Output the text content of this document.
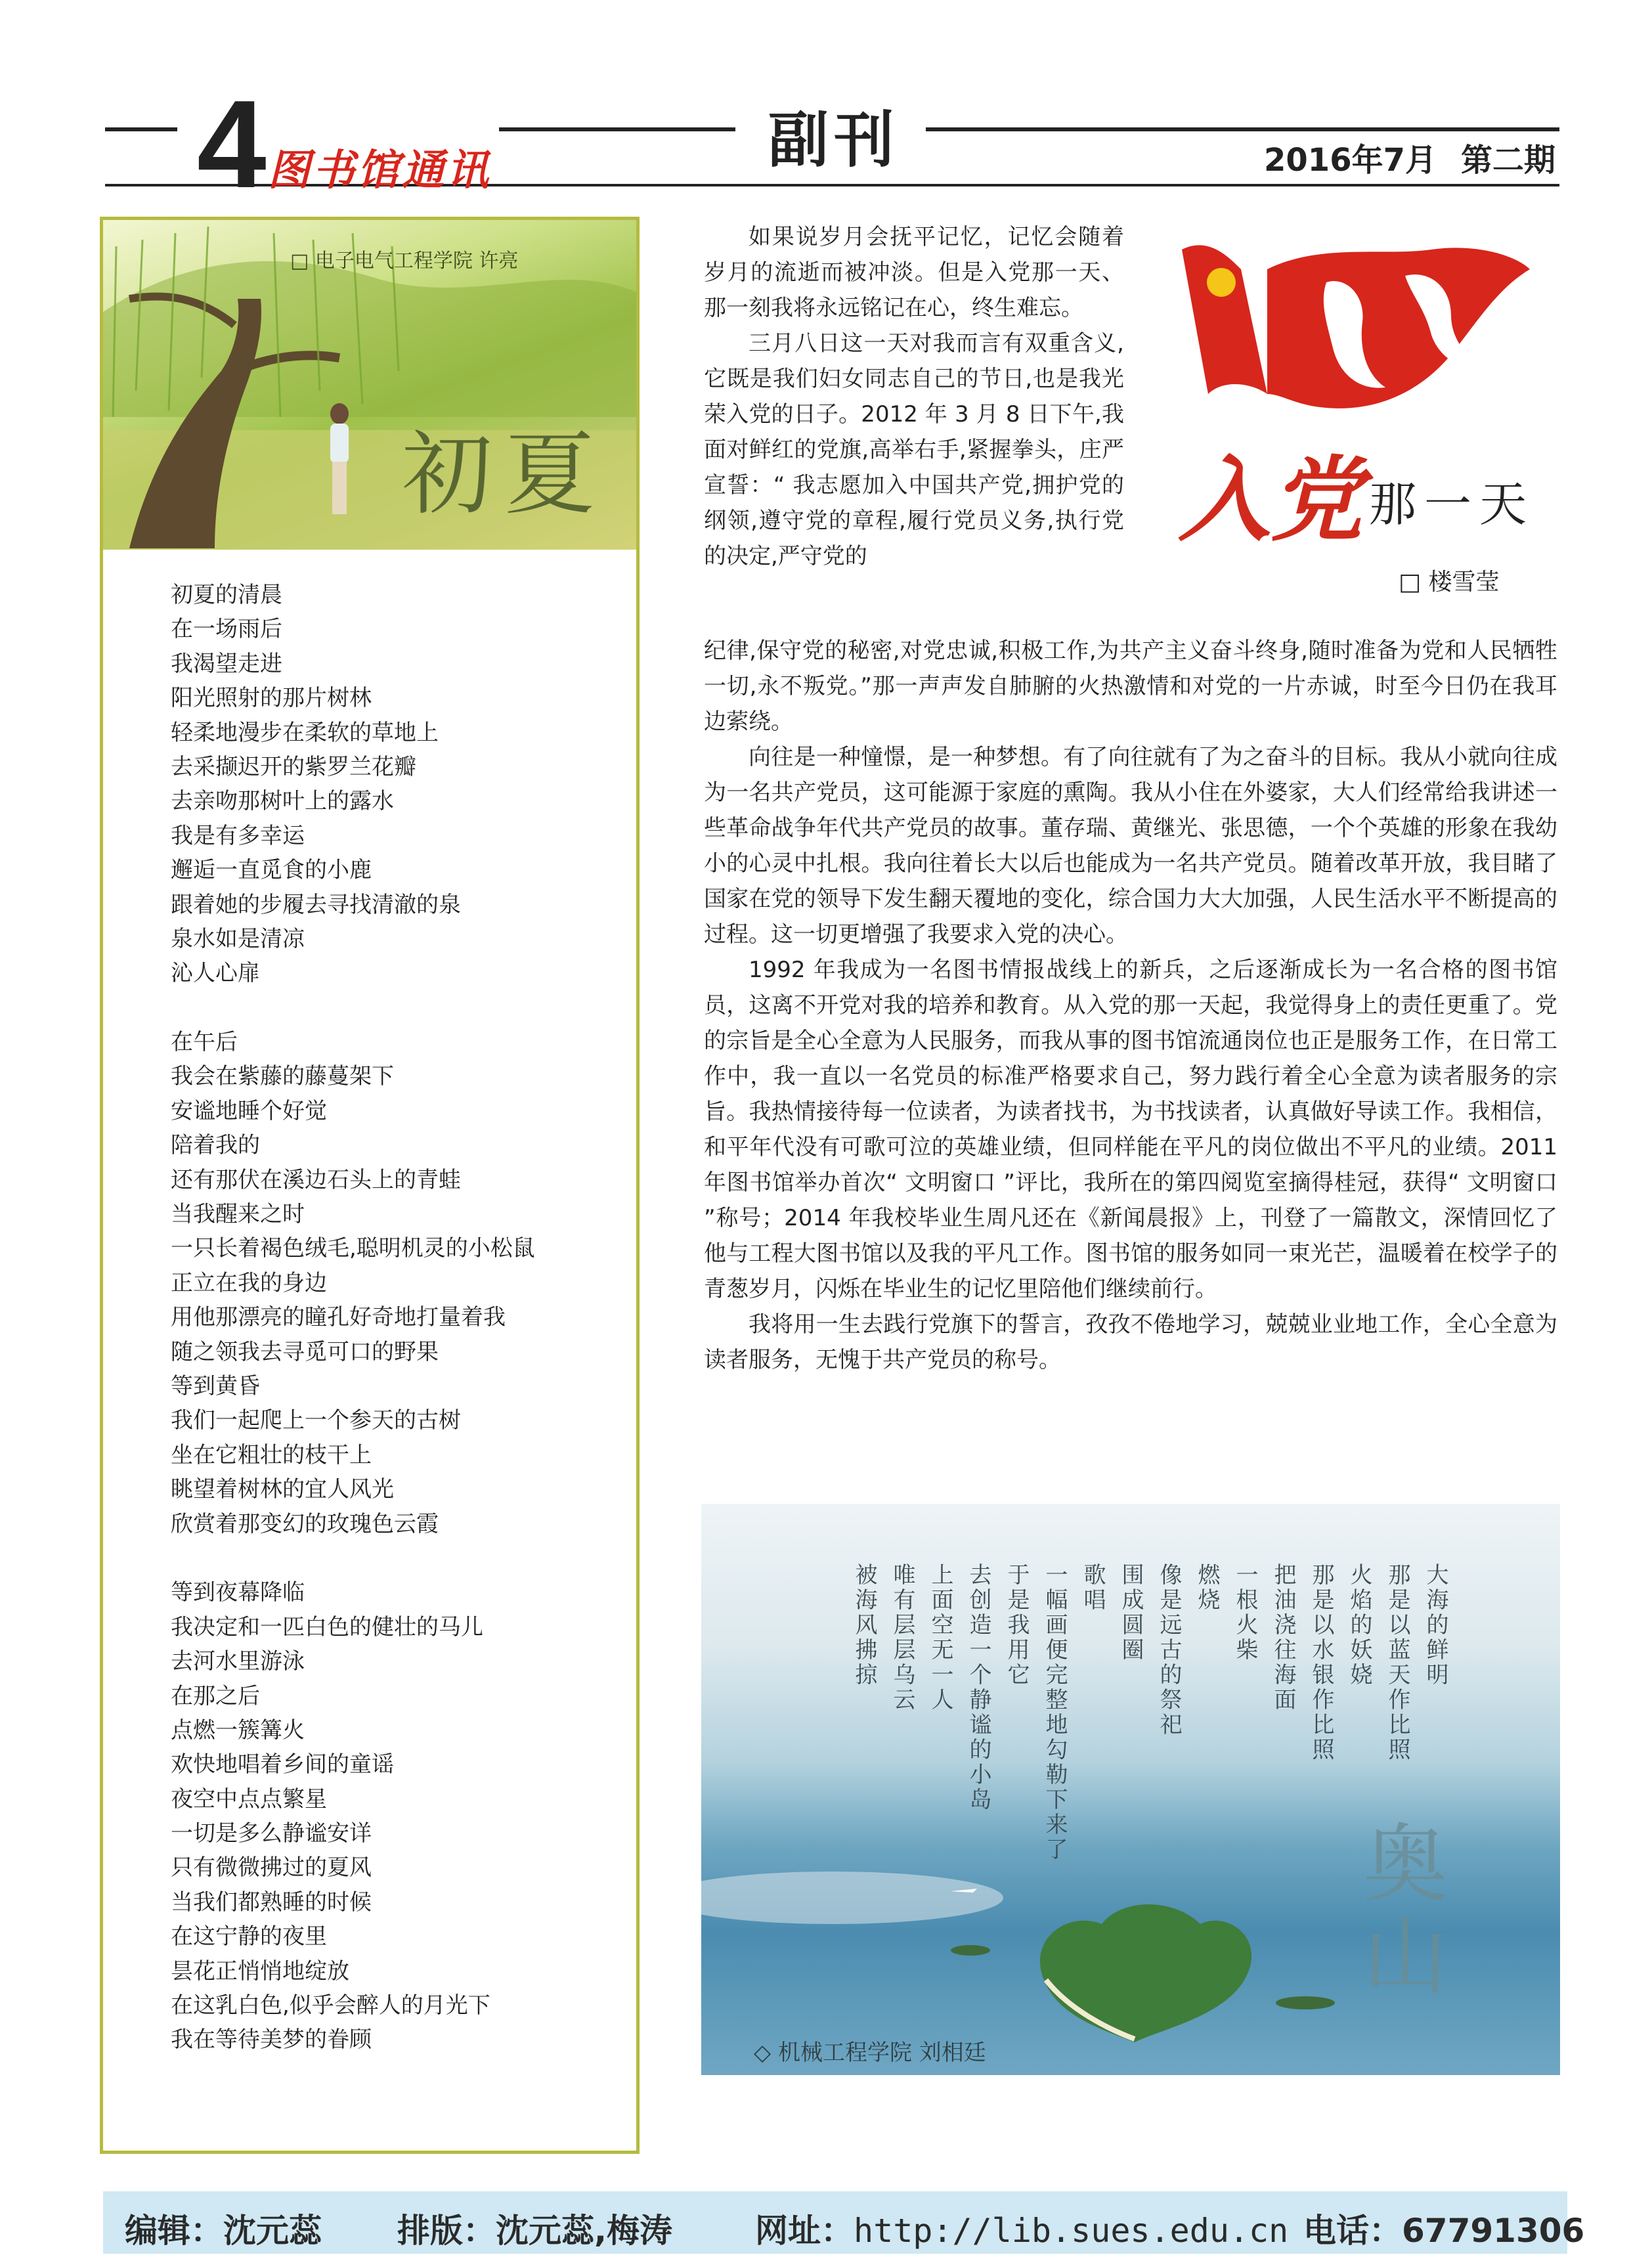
4 图书馆通讯	副刊	2016年7月 第二期
□ 电子电气工程学院 许亮
初夏
初夏的清晨
在一场雨后
我渴望走进
阳光照射的那片树林
轻柔地漫步在柔软的草地上
去采撷迟开的紫罗兰花瓣
去亲吻那树叶上的露水
我是有多幸运
邂逅一直觅食的小鹿
跟着她的步履去寻找清澈的泉
泉水如是清凉
沁人心扉
在午后
我会在紫藤的藤蔓架下
安谧地睡个好觉
陪着我的
还有那伏在溪边石头上的青蛙
当我醒来之时
一只长着褐色绒毛,聪明机灵的小松鼠
正立在我的身边
用他那漂亮的瞳孔好奇地打量着我
随之领我去寻觅可口的野果
等到黄昏
我们一起爬上一个参天的古树
坐在它粗壮的枝干上
眺望着树林的宜人风光
欣赏着那变幻的玫瑰色云霞
等到夜幕降临
我决定和一匹白色的健壮的马儿
去河水里游泳
在那之后
点燃一簇篝火
欢快地唱着乡间的童谣
夜空中点点繁星
一切是多么静谧安详
只有微微拂过的夏风
当我们都熟睡的时候
在这宁静的夜里
昙花正悄悄地绽放
在这乳白色,似乎会醉人的月光下
我在等待美梦的眷顾

如果说岁月会抚平记忆，记忆会随着岁月的流逝而被冲淡。但是入党那一天、那一刻我将永远铭记在心，终生难忘。

三月八日这一天对我而言有双重含义,它既是我们妇女同志自己的节日,也是我光荣入党的日子。2012 年 3 月 8 日下午,我面对鲜红的党旗,高举右手,紧握拳头，庄严宣誓：“ 我志愿加入中国共产党,拥护党的纲领,遵守党的章程,履行党员义务,执行党的决定,严守党的

入党 那一天
□ 楼雪莹

纪律,保守党的秘密,对党忠诚,积极工作,为共产主义奋斗终身,随时准备为党和人民牺牲一切,永不叛党。”那一声声发自肺腑的火热激情和对党的一片赤诚，时至今日仍在我耳边萦绕。

向往是一种憧憬，是一种梦想。有了向往就有了为之奋斗的目标。我从小就向往成为一名共产党员，这可能源于家庭的熏陶。我从小住在外婆家，大人们经常给我讲述一些革命战争年代共产党员的故事。董存瑞、黄继光、张思德，一个个英雄的形象在我幼小的心灵中扎根。我向往着长大以后也能成为一名共产党员。随着改革开放，我目睹了国家在党的领导下发生翻天覆地的变化，综合国力大大加强，人民生活水平不断提高的过程。这一切更增强了我要求入党的决心。

1992 年我成为一名图书情报战线上的新兵，之后逐渐成长为一名合格的图书馆员，这离不开党对我的培养和教育。从入党的那一天起，我觉得身上的责任更重了。党的宗旨是全心全意为人民服务，而我从事的图书馆流通岗位也正是服务工作，在日常工作中，我一直以一名党员的标准严格要求自己，努力践行着全心全意为读者服务的宗旨。我热情接待每一位读者，为读者找书，为书找读者，认真做好导读工作。我相信，和平年代没有可歌可泣的英雄业绩，但同样能在平凡的岗位做出不平凡的业绩。2011 年图书馆举办首次“ 文明窗口 ”评比，我所在的第四阅览室摘得桂冠，获得“ 文明窗口 ”称号；2014 年我校毕业生周凡还在《新闻晨报》上，刊登了一篇散文，深情回忆了他与工程大图书馆以及我的平凡工作。图书馆的服务如同一束光芒，温暖着在校学子的青葱岁月，闪烁在毕业生的记忆里陪他们继续前行。

我将用一生去践行党旗下的誓言，孜孜不倦地学习，兢兢业业地工作，全心全意为读者服务，无愧于共产党员的称号。

大海的鲜明
那是以蓝天作比照
火焰的妖娆
那是以水银作比照
把油浇往海面
一根火柴
燃烧
像是远古的祭祀
围成圆圈
歌唱
一幅画便完整地勾勒下来了
于是我用它
去创造一个静谧的小岛
上面空无一人
唯有层层乌云
被海风拂掠
奥山
◇ 机械工程学院 刘相廷
编辑：沈元蕊 排版：沈元蕊,梅涛	网址：http://lib.sues.edu.cn 电话：67791306
